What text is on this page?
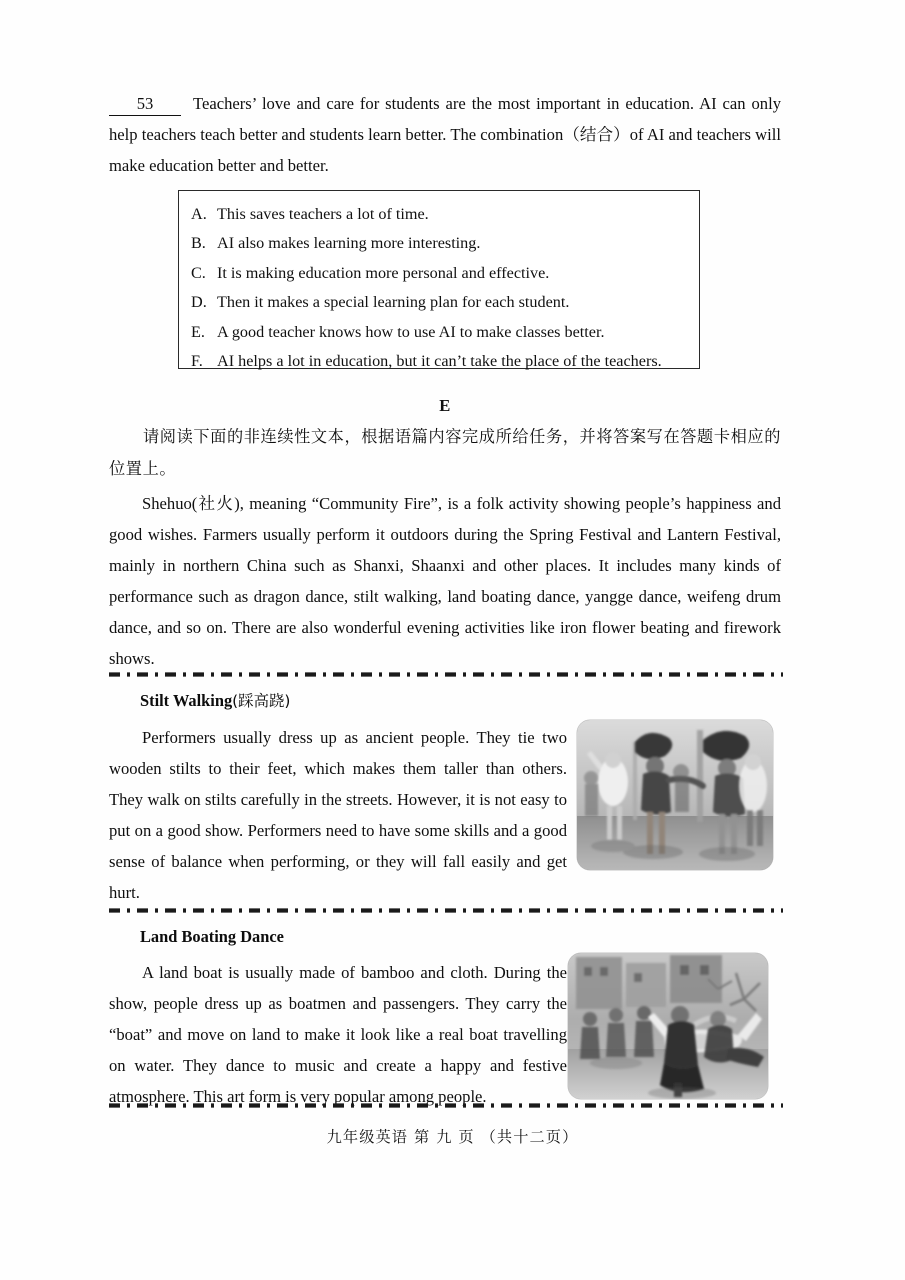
53 Teachers’ love and care for students are the most important in education. AI can only help teachers teach better and students learn better. The combination（结合）of AI and teachers will make education better and better.

A. This saves teachers a lot of time.
B. AI also makes learning more interesting.
C. It is making education more personal and effective.
D. Then it makes a special learning plan for each student.
E. A good teacher knows how to use AI to make classes better.
F. AI helps a lot in education, but it can’t take the place of the teachers.
E

请阅读下面的非连续性文本，根据语篇内容完成所给任务，并将答案写在答题卡相应的位置上。

Shehuo(社火), meaning “Community Fire”, is a folk activity showing people’s happiness and good wishes. Farmers usually perform it outdoors during the Spring Festival and Lantern Festival, mainly in northern China such as Shanxi, Shaanxi and other places. It includes many kinds of performance such as dragon dance, stilt walking, land boating dance, yangge dance, weifeng drum dance, and so on. There are also wonderful evening activities like iron flower beating and firework shows.

Stilt Walking(踩高跷)

Performers usually dress up as ancient people. They tie two wooden stilts to their feet, which makes them taller than others. They walk on stilts carefully in the streets. However, it is not easy to put on a good show. Performers need to have some skills and a good sense of balance when performing, or they will fall easily and get hurt.

Land Boating Dance

A land boat is usually made of bamboo and cloth. During the show, people dress up as boatmen and passengers. They carry the “boat” and move on land to make it look like a real boat travelling on water. They dance to music and create a happy and festive atmosphere. This art form is very popular among people.

九年级英语 第 九 页 （共十二页）
